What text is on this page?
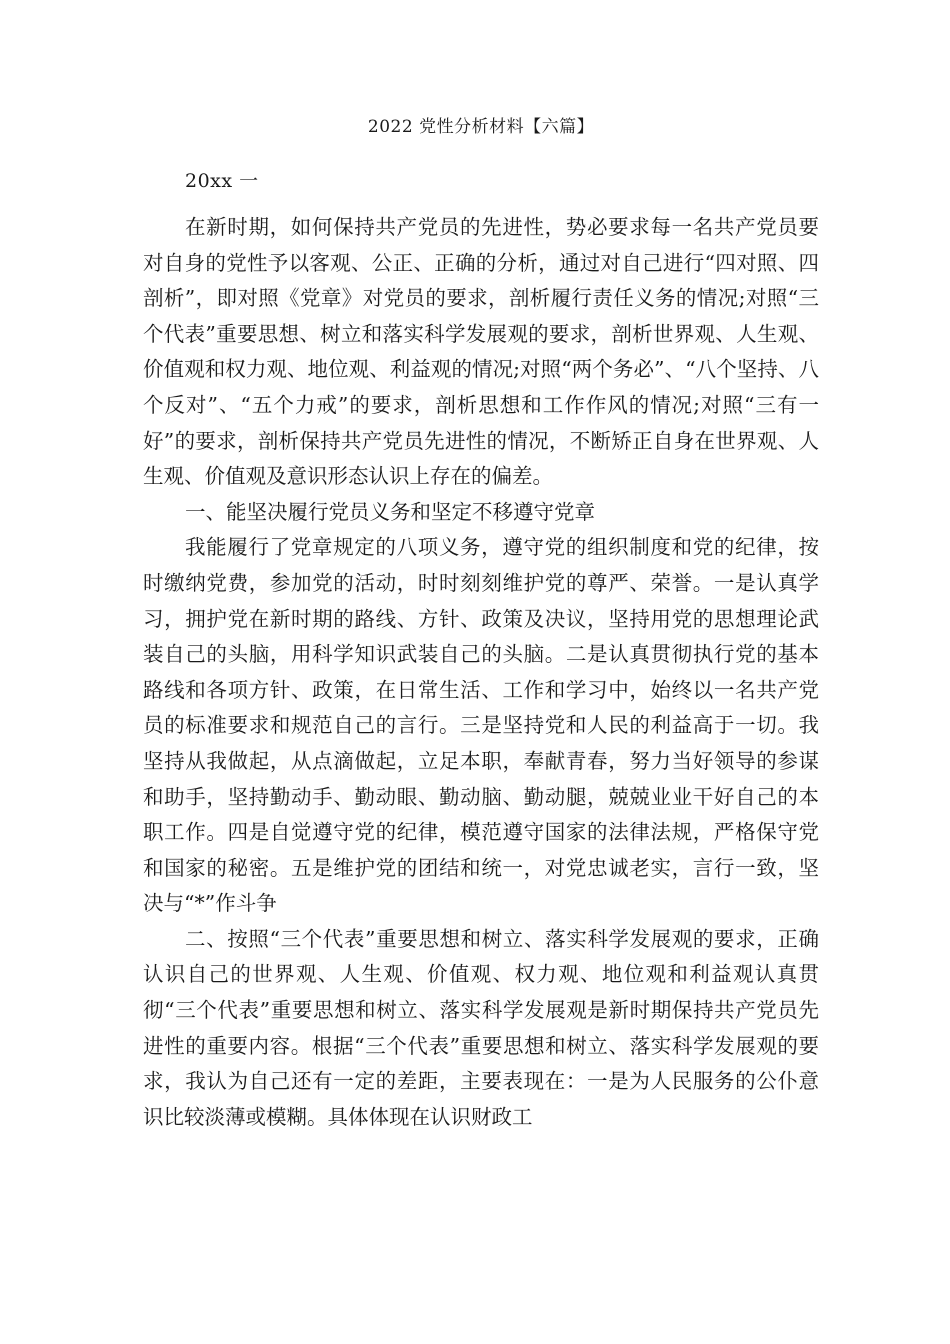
2022 党性分析材料【六篇】
20xx 一

在新时期，如何保持共产党员的先进性，势必要求每一名共产党员要对自身的党性予以客观、公正、正确的分析，通过对自己进行“四对照、四剖析”，即对照《党章》对党员的要求，剖析履行责任义务的情况;对照“三个代表”重要思想、树立和落实科学发展观的要求，剖析世界观、人生观、价值观和权力观、地位观、利益观的情况;对照“两个务必”、“八个坚持、八个反对”、“五个力戒”的要求，剖析思想和工作作风的情况;对照“三有一好”的要求，剖析保持共产党员先进性的情况，不断矫正自身在世界观、人生观、价值观及意识形态认识上存在的偏差。

一、能坚决履行党员义务和坚定不移遵守党章

我能履行了党章规定的八项义务，遵守党的组织制度和党的纪律，按时缴纳党费，参加党的活动，时时刻刻维护党的尊严、荣誉。一是认真学习，拥护党在新时期的路线、方针、政策及决议，坚持用党的思想理论武装自己的头脑，用科学知识武装自己的头脑。二是认真贯彻执行党的基本路线和各项方针、政策，在日常生活、工作和学习中，始终以一名共产党员的标准要求和规范自己的言行。三是坚持党和人民的利益高于一切。我坚持从我做起，从点滴做起，立足本职，奉献青春，努力当好领导的参谋和助手，坚持勤动手、勤动眼、勤动脑、勤动腿，兢兢业业干好自己的本职工作。四是自觉遵守党的纪律，模范遵守国家的法律法规，严格保守党和国家的秘密。五是维护党的团结和统一，对党忠诚老实，言行一致，坚决与“*”作斗争

二、按照“三个代表”重要思想和树立、落实科学发展观的要求，正确认识自己的世界观、人生观、价值观、权力观、地位观和利益观认真贯彻“三个代表”重要思想和树立、落实科学发展观是新时期保持共产党员先进性的重要内容。根据“三个代表”重要思想和树立、落实科学发展观的要求，我认为自己还有一定的差距，主要表现在：一是为人民服务的公仆意识比较淡薄或模糊。具体体现在认识财政工
